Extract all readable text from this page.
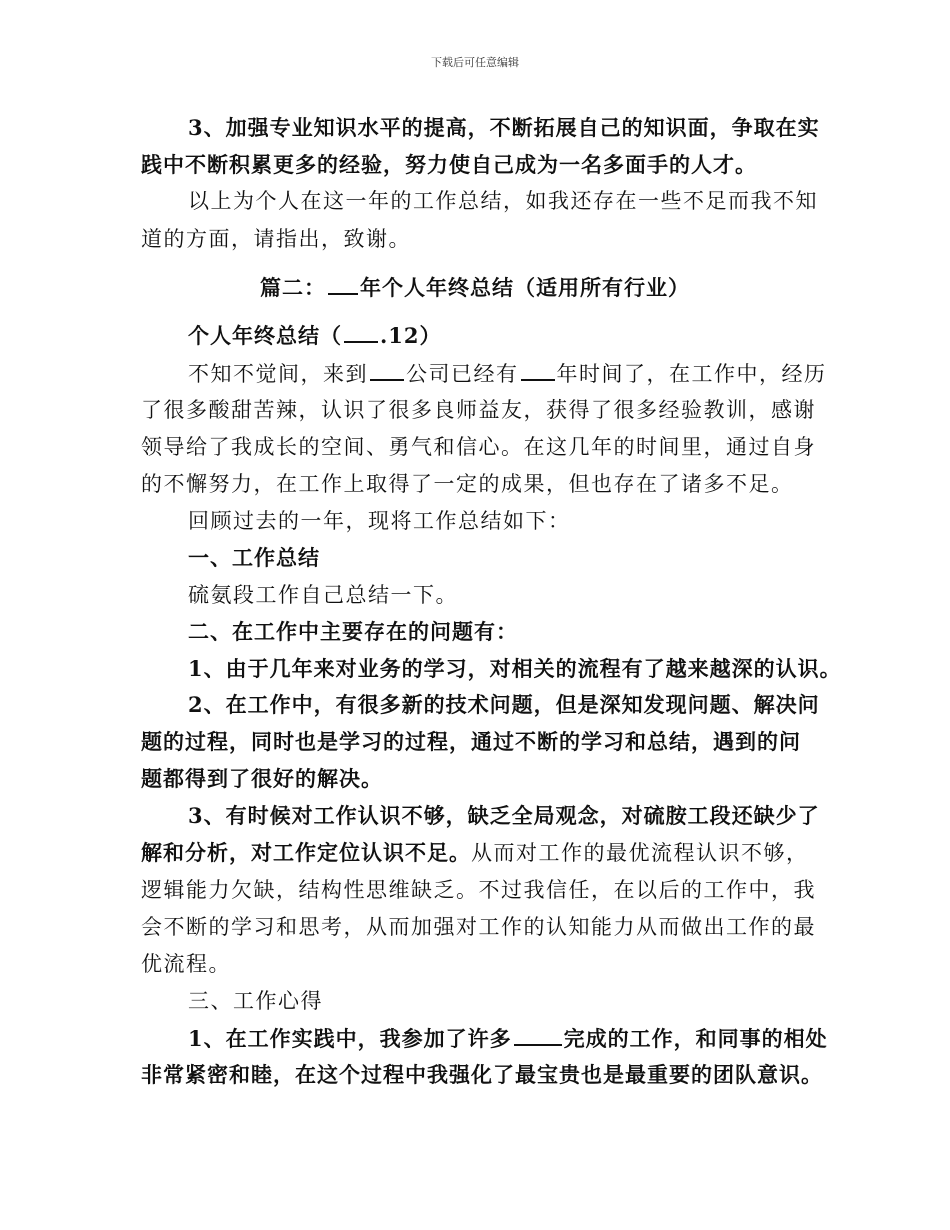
下载后可任意编辑
3、加强专业知识水平的提高，不断拓展自己的知识面，争取在实
践中不断积累更多的经验，努力使自己成为一名多面手的人才。
以上为个人在这一年的工作总结，如我还存在一些不足而我不知
道的方面，请指出，致谢。
篇二： 年个人年终总结（适用所有行业）
个人年终总结（ .12）
不知不觉间，来到 公司已经有 年时间了，在工作中，经历
了很多酸甜苦辣，认识了很多良师益友，获得了很多经验教训，感谢
领导给了我成长的空间、勇气和信心。在这几年的时间里，通过自身
的不懈努力，在工作上取得了一定的成果，但也存在了诸多不足。
回顾过去的一年，现将工作总结如下：
一、工作总结
硫氨段工作自己总结一下。
二、在工作中主要存在的问题有：
1、由于几年来对业务的学习，对相关的流程有了越来越深的认识。
2、在工作中，有很多新的技术问题，但是深知发现问题、解决问
题的过程，同时也是学习的过程，通过不断的学习和总结，遇到的问
题都得到了很好的解决。
3、有时候对工作认识不够，缺乏全局观念，对硫胺工段还缺少了
解和分析，对工作定位认识不足。从而对工作的最优流程认识不够，
逻辑能力欠缺，结构性思维缺乏。不过我信任，在以后的工作中，我
会不断的学习和思考，从而加强对工作的认知能力从而做出工作的最
优流程。
三、工作心得
1、在工作实践中，我参加了许多 完成的工作，和同事的相处
非常紧密和睦，在这个过程中我强化了最宝贵也是最重要的团队意识。
